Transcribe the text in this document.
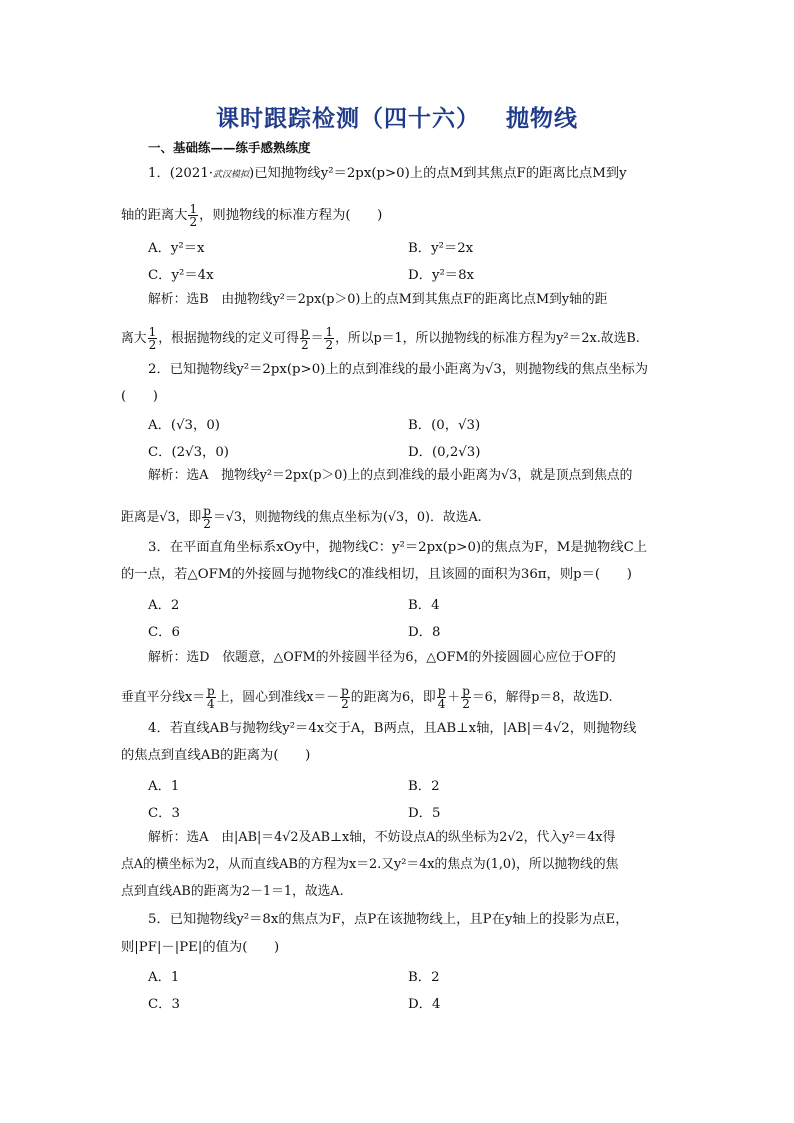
课时跟踪检测（四十六） 抛物线
一、基础练——练手感熟练度
1．(2021·武汉模拟)已知抛物线y²＝2px(p>0)上的点M到其焦点F的距离比点M到y
轴的距离大 $\frac{1}{2}$ ，则抛物线的标准方程为(　　)
A．y²＝x	B．y²＝2x
C．y²＝4x	D．y²＝8x
解析：选B　由抛物线y²＝2px(p＞0)上的点M到其焦点F的距离比点M到y轴的距
离大 $\frac{1}{2}$ ，根据抛物线的定义可得 $\frac{p}{2} = \frac{1}{2}$ ，所以p＝1，所以抛物线的标准方程为y²＝2x.故选B.
2．已知抛物线y²＝2px(p>0)上的点到准线的最小距离为√3，则抛物线的焦点坐标为
(　　)
A．(√3，0)	B．(0，√3)
C．(2√3，0)	D．(0,2√3)
解析：选A　抛物线y²＝2px(p＞0)上的点到准线的最小距离为√3，就是顶点到焦点的
距离是√3，即 $\frac{p}{2} =√3$，则抛物线的焦点坐标为(√3，0)．故选A.
3．在平面直角坐标系xOy中，抛物线C：y²＝2px(p>0)的焦点为F，M是抛物线C上
的一点，若△OFM的外接圆与抛物线C的准线相切，且该圆的面积为36π，则p＝(　　)
A．2	B．4
C．6	D．8
解析：选D　依题意，△OFM的外接圆半径为6，△OFM的外接圆圆心应位于OF的
垂直平分线$x= \frac{p}{4}$ 上，圆心到准线$x=- \frac{p}{2}$ 的距离为6，即 $\frac{p}{4} + \frac{p}{2} =6$，解得p＝8，故选D.
4．若直线AB与抛物线y²＝4x交于A，B两点，且AB⊥x轴，|AB|＝4√2，则抛物线
的焦点到直线AB的距离为(　　)
A．1	B．2
C．3	D．5
解析：选A　由|AB|＝4√2及AB⊥x轴，不妨设点A的纵坐标为2√2，代入y²＝4x得
点A的横坐标为2，从而直线AB的方程为x＝2.又y²＝4x的焦点为(1,0)，所以抛物线的焦
点到直线AB的距离为2－1＝1，故选A.
5．已知抛物线y²＝8x的焦点为F，点P在该抛物线上，且P在y轴上的投影为点E，
则|PF|－|PE|的值为(　　)
A．1	B．2
C．3	D．4
